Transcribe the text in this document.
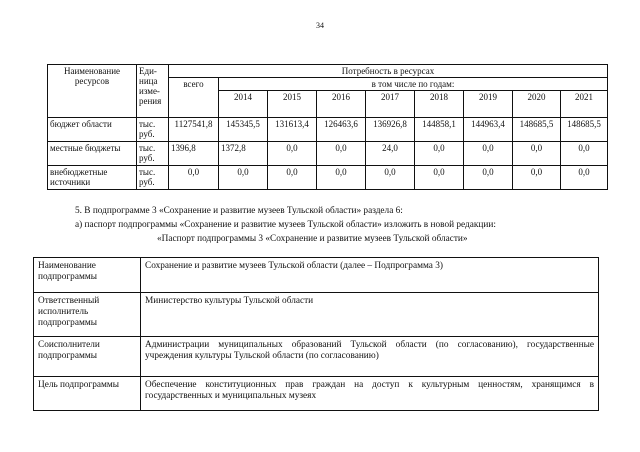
34
Наименование ресурсов	Еди-ница изме-рения	Потребность в ресурсах								
		всего	в том числе по годам:							
			2014	2015	2016	2017	2018	2019	2020	2021
бюджет области	тыс. руб.	1127541,8	145345,5	131613,4	126463,6	136926,8	144858,1	144963,4	148685,5	148685,5
местные бюджеты	тыс. руб.	1396,8	1372,8	0,0	0,0	24,0	0,0	0,0	0,0	0,0
внебюджетные источники	тыс. руб.	0,0	0,0	0,0	0,0	0,0	0,0	0,0	0,0	0,0
5. В подпрограмме 3 «Сохранение и развитие музеев Тульской области» раздела 6:
а) паспорт подпрограммы «Сохранение и развитие музеев Тульской области» изложить в новой редакции:
«Паспорт подпрограммы 3 «Сохранение и развитие музеев Тульской области»
Наименование подпрограммы	Сохранение и развитие музеев Тульской области (далее – Подпрограмма 3)
Ответственный исполнитель подпрограммы	Министерство культуры Тульской области
Соисполнители подпрограммы	Администрации муниципальных образований Тульской области (по согласованию), государственные учреждения культуры Тульской области (по согласованию)
Цель подпрограммы	Обеспечение конституционных прав граждан на доступ к культурным ценностям, хранящимся в государственных и муниципальных музеях
